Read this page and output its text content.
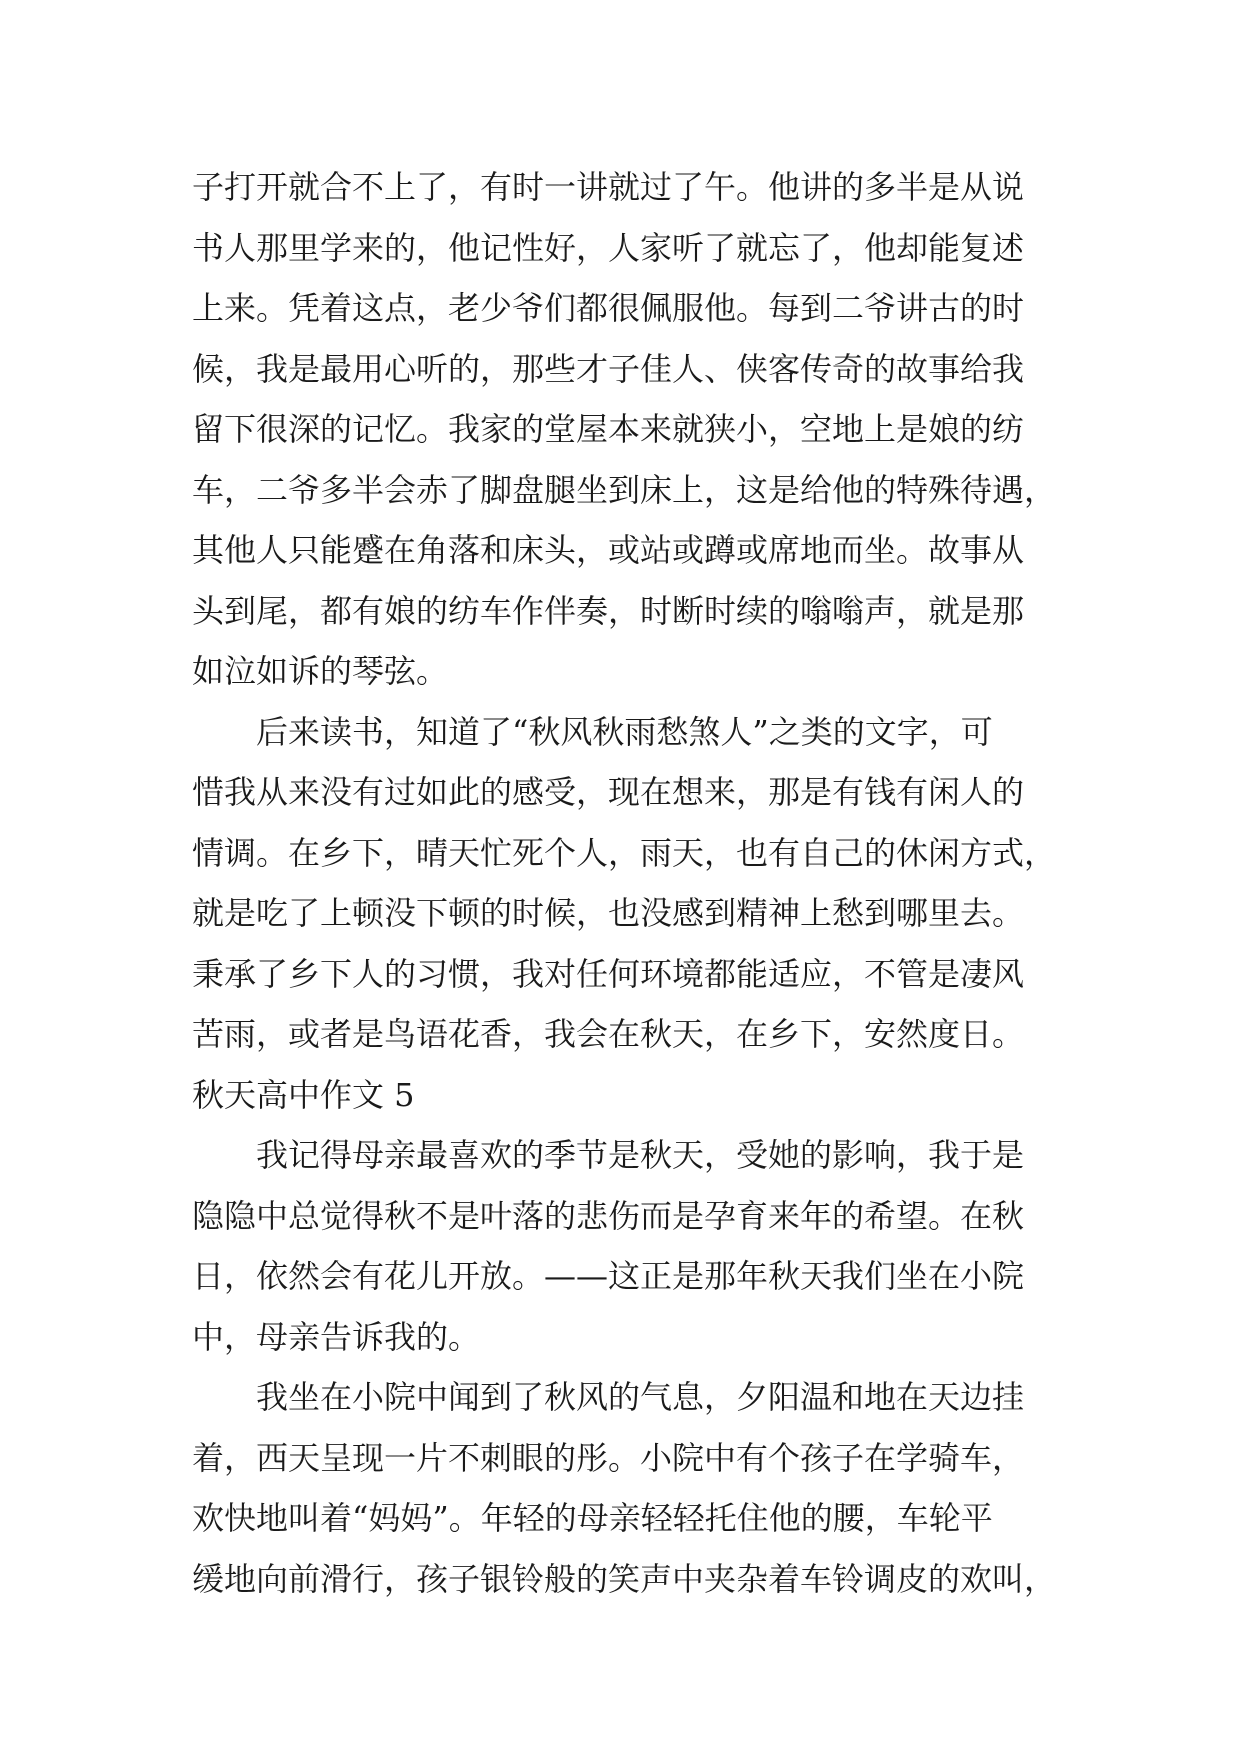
子打开就合不上了，有时一讲就过了午。他讲的多半是从说
书人那里学来的，他记性好，人家听了就忘了，他却能复述
上来。凭着这点，老少爷们都很佩服他。每到二爷讲古的时
候，我是最用心听的，那些才子佳人、侠客传奇的故事给我
留下很深的记忆。我家的堂屋本来就狭小，空地上是娘的纺
车，二爷多半会赤了脚盘腿坐到床上，这是给他的特殊待遇，
其他人只能蹙在角落和床头，或站或蹲或席地而坐。故事从
头到尾，都有娘的纺车作伴奏，时断时续的嗡嗡声，就是那
如泣如诉的琴弦。
后来读书，知道了“秋风秋雨愁煞人”之类的文字，可
惜我从来没有过如此的感受，现在想来，那是有钱有闲人的
情调。在乡下，晴天忙死个人，雨天，也有自己的休闲方式，
就是吃了上顿没下顿的时候，也没感到精神上愁到哪里去。
秉承了乡下人的习惯，我对任何环境都能适应，不管是凄风
苦雨，或者是鸟语花香，我会在秋天，在乡下，安然度日。
秋天高中作文 5
我记得母亲最喜欢的季节是秋天，受她的影响，我于是
隐隐中总觉得秋不是叶落的悲伤而是孕育来年的希望。在秋
日，依然会有花儿开放。——这正是那年秋天我们坐在小院
中，母亲告诉我的。
我坐在小院中闻到了秋风的气息，夕阳温和地在天边挂
着，西天呈现一片不刺眼的彤。小院中有个孩子在学骑车，
欢快地叫着“妈妈”。年轻的母亲轻轻托住他的腰，车轮平
缓地向前滑行，孩子银铃般的笑声中夹杂着车铃调皮的欢叫，
